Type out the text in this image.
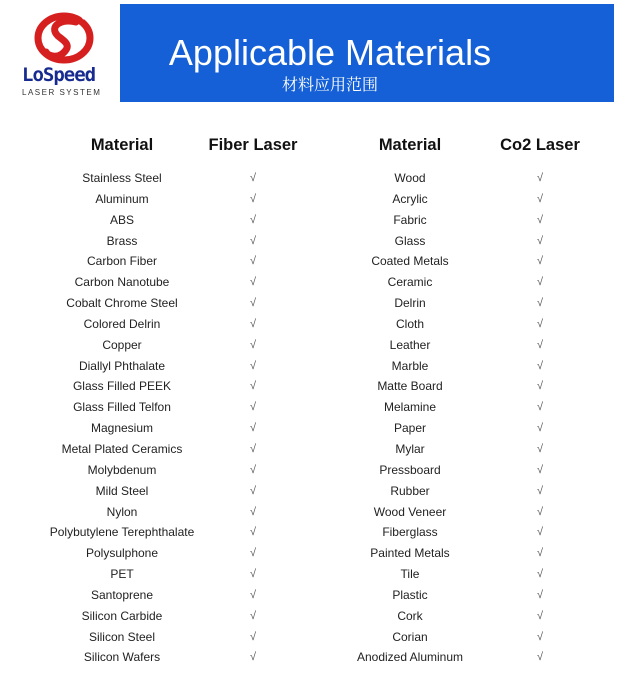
LoSpeed
LASER SYSTEM
Applicable Materials
材料应用范围
Material	Fiber Laser	Material	Co2 Laser
Stainless Steel	√	Wood	√
Aluminum	√	Acrylic	√
ABS	√	Fabric	√
Brass	√	Glass	√
Carbon Fiber	√	Coated Metals	√
Carbon Nanotube	√	Ceramic	√
Cobalt Chrome Steel	√	Delrin	√
Colored Delrin	√	Cloth	√
Copper	√	Leather	√
Diallyl Phthalate	√	Marble	√
Glass Filled PEEK	√	Matte Board	√
Glass Filled Telfon	√	Melamine	√
Magnesium	√	Paper	√
Metal Plated Ceramics	√	Mylar	√
Molybdenum	√	Pressboard	√
Mild Steel	√	Rubber	√
Nylon	√	Wood Veneer	√
Polybutylene Terephthalate	√	Fiberglass	√
Polysulphone	√	Painted Metals	√
PET	√	Tile	√
Santoprene	√	Plastic	√
Silicon Carbide	√	Cork	√
Silicon Steel	√	Corian	√
Silicon Wafers	√	Anodized Aluminum	√
